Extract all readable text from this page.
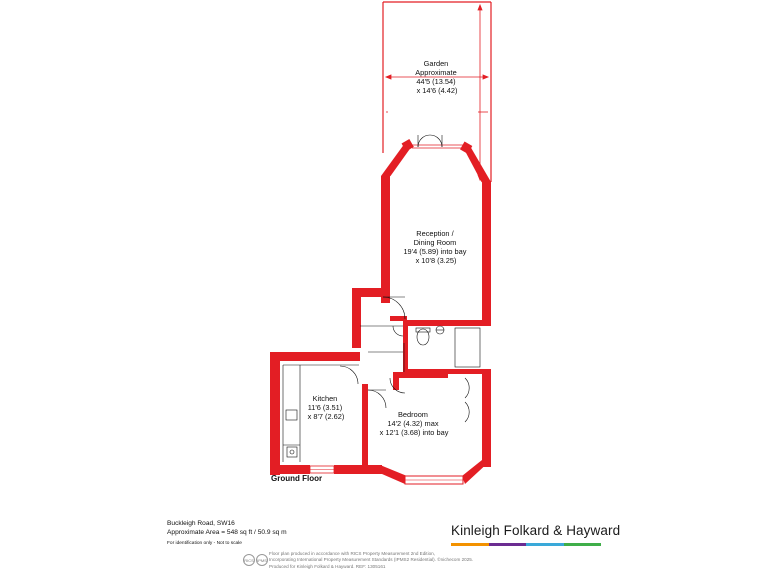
Garden Approximate 44'5 (13.54) x 14'6 (4.42)
Reception / Dining Room 19'4 (5.89) into bay x 10'8 (3.25)
Kitchen 11'6 (3.51) x 8'7 (2.62)	Bedroom 14'2 (4.32) max x 12'1 (3.68) into bay
Ground Floor
Buckleigh Road, SW16
Approximate Area = 548 sq ft / 50.9 sq m
For identification only - Not to scale
Kinleigh Folkard & Hayward
RICS IPMS
Floor plan produced in accordance with RICS Property Measurement 2nd Edition,
Incorporating International Property Measurement Standards (IPMS2 Residential). ©nichecom 2025.
Produced for Kinleigh Folkard & Hayward. REF: 1305161
